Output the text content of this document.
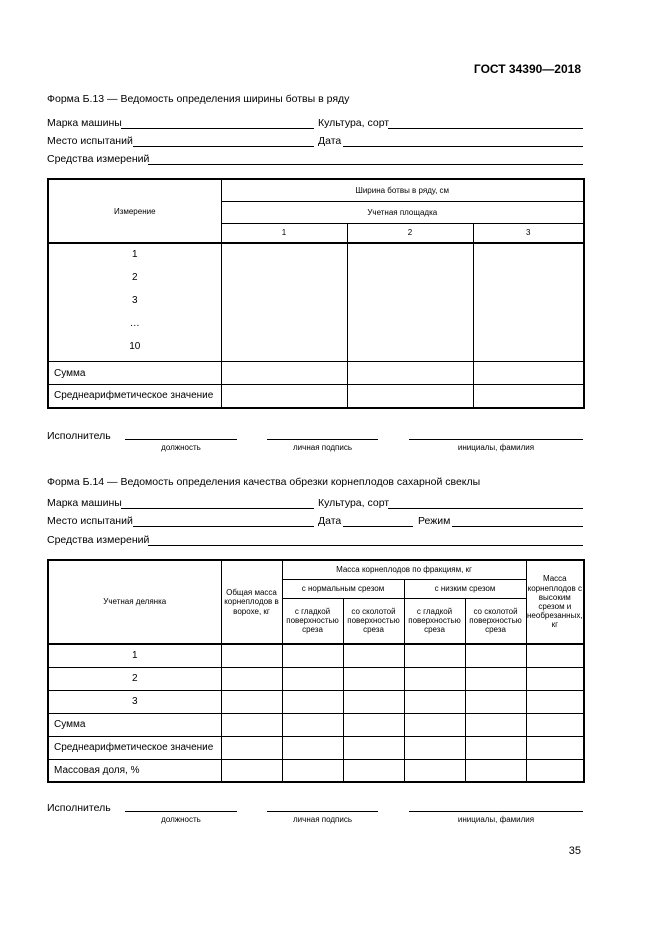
ГОСТ 34390—2018
Форма Б.13 — Ведомость определения ширины ботвы в ряду
Марка машины	Культура, сорт
Место испытаний	Дата
Средства измерений
Измерение	Ширина ботвы в ряду, см		
	Учетная площадка		
	1	2	3

1
2
3
…
10			

Сумма			
Среднеарифметическое значение			
Исполнитель
должность	личная подпись	инициалы, фамилия
Форма Б.14 — Ведомость определения качества обрезки корнеплодов сахарной свеклы
Марка машины	Культура, сорт
Место испытаний	Дата	Режим
Средства измерений
Учетная делянка	Общая масса корнеплодов в ворохе, кг	Масса корнеплодов по фракциям, кг				Масса корнеплодов с высоким срезом и необрезанных, кг
		с нормальным срезом		с низким срезом		
		с гладкой поверхностью среза	со сколотой поверхностью среза	с гладкой поверхностью среза	со сколотой поверхностью среза	
1						
2						
3						
Сумма						
Среднеарифметическое значение						
Массовая доля, %						
Исполнитель
должность	личная подпись	инициалы, фамилия
35
